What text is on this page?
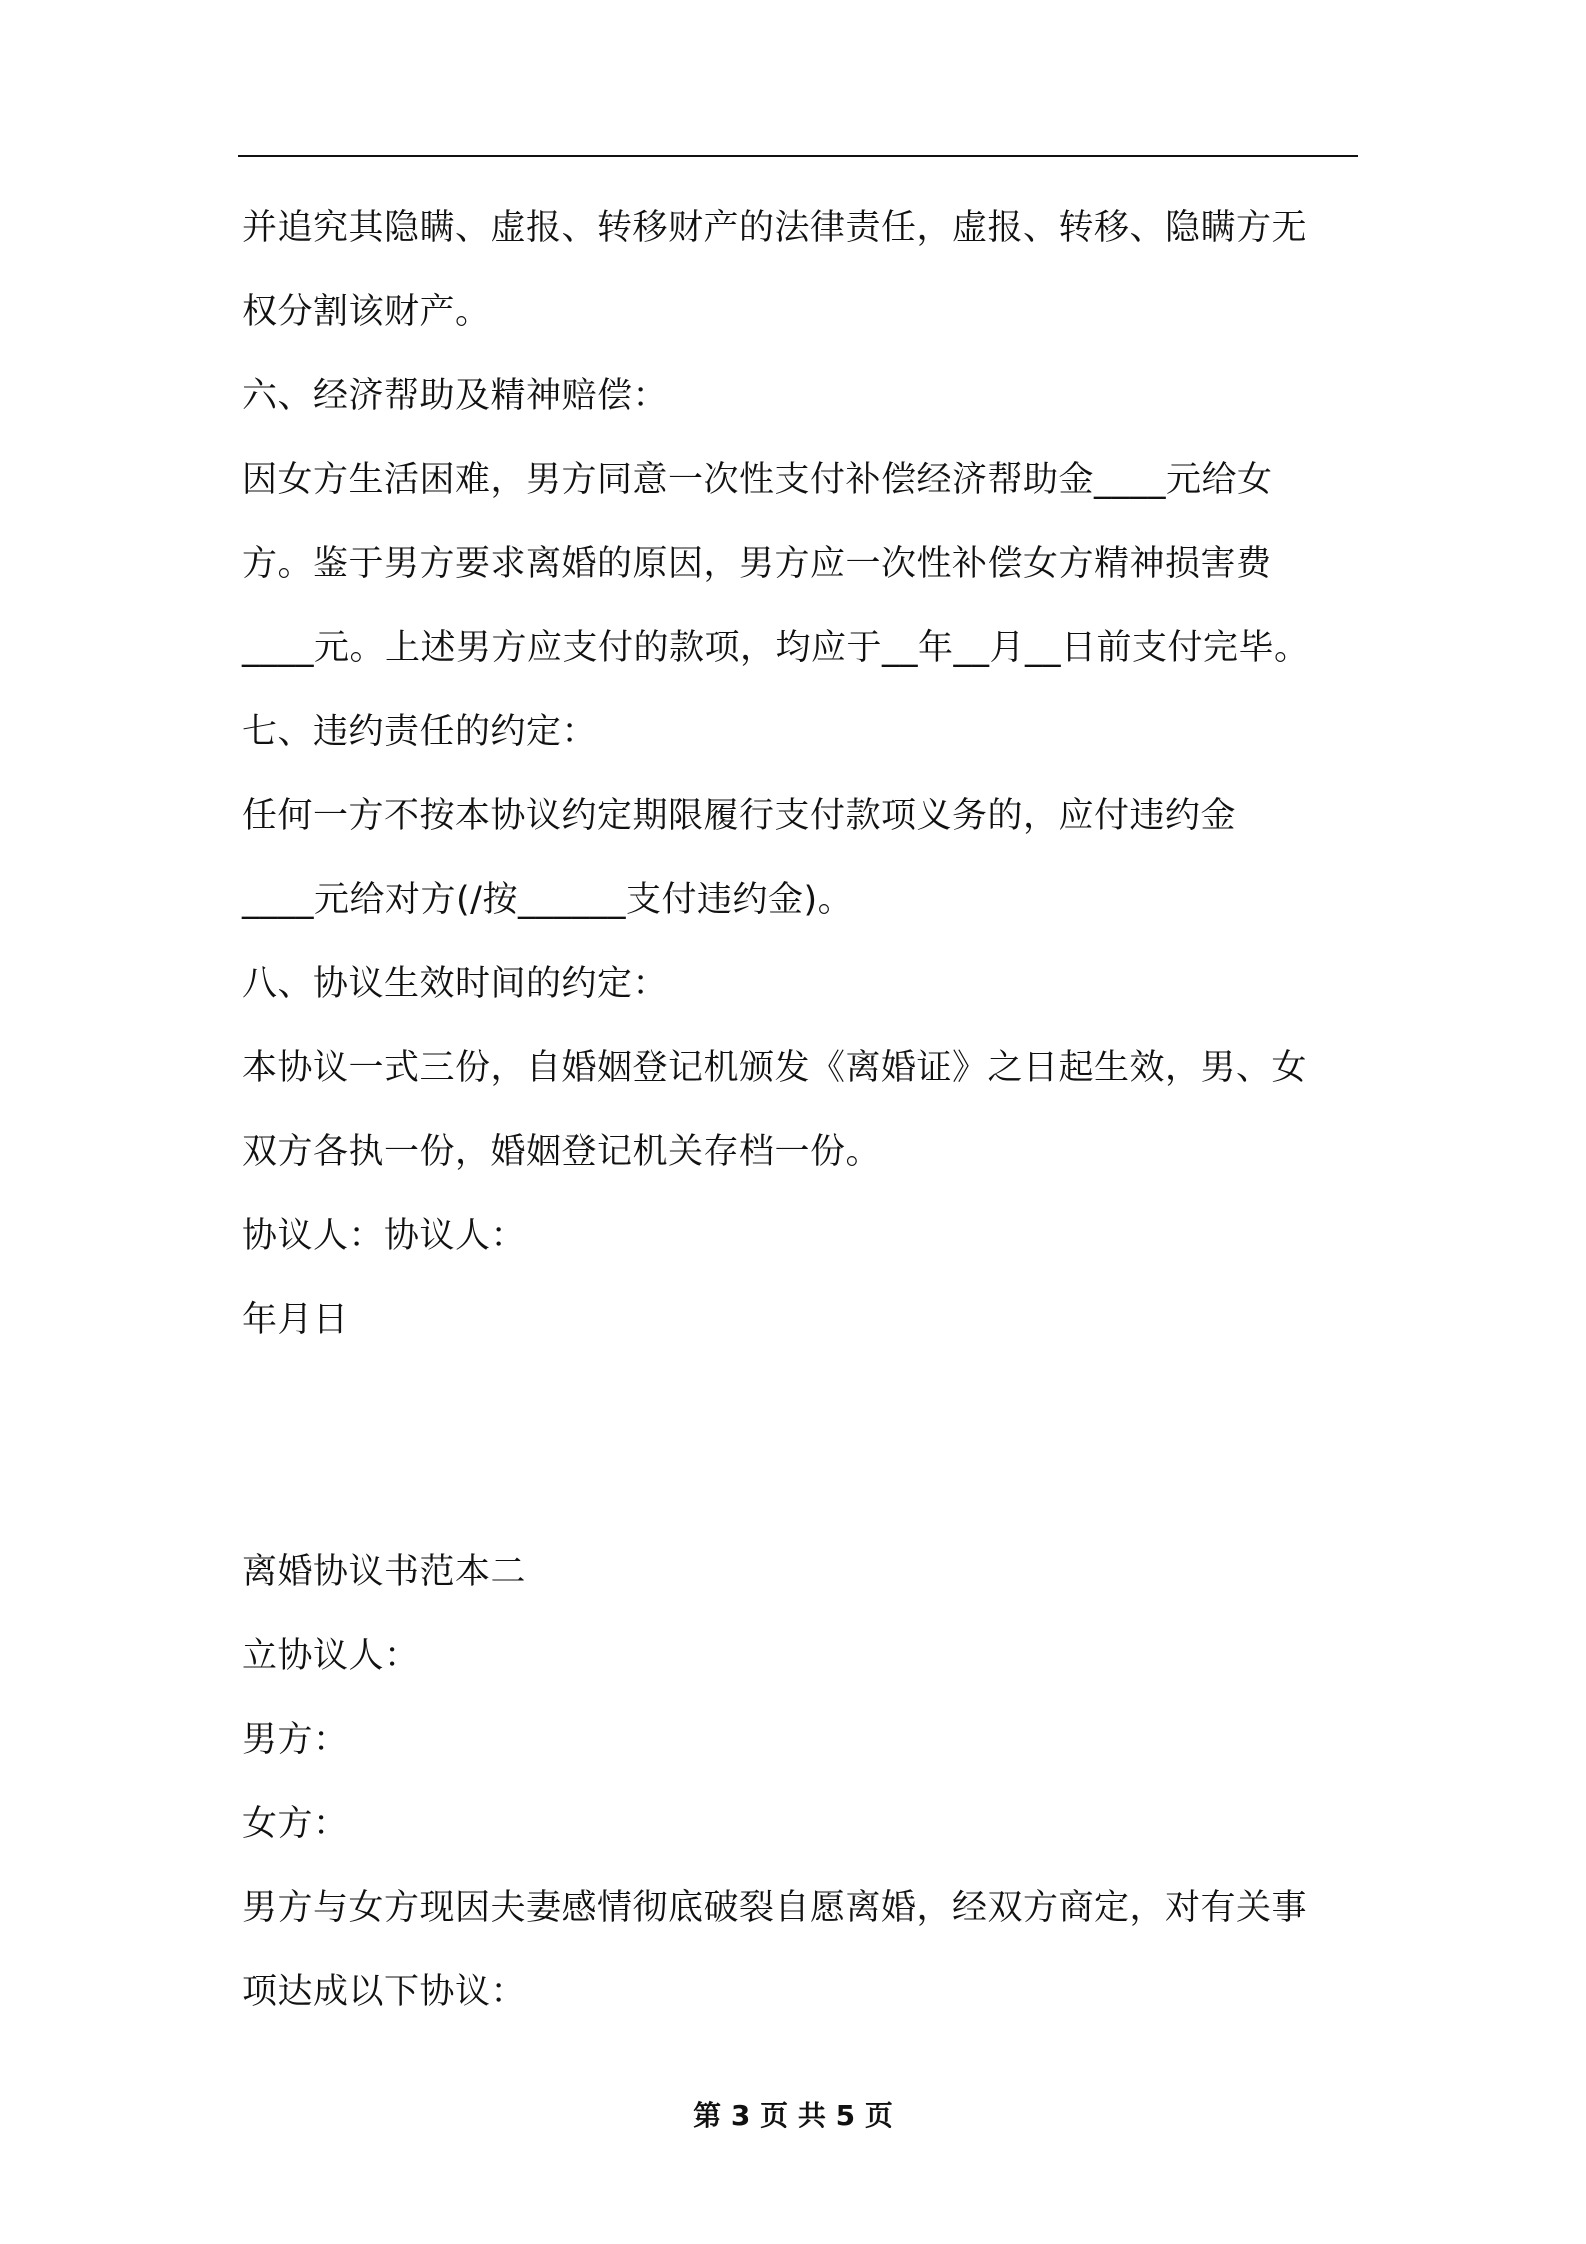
并追究其隐瞒、虚报、转移财产的法律责任，虚报、转移、隐瞒方无
权分割该财产。
六、经济帮助及精神赔偿：
因女方生活困难，男方同意一次性支付补偿经济帮助金____元给女
方。鉴于男方要求离婚的原因，男方应一次性补偿女方精神损害费
____元。上述男方应支付的款项，均应于__年__月__日前支付完毕。
七、违约责任的约定：
任何一方不按本协议约定期限履行支付款项义务的，应付违约金
____元给对方(/按______支付违约金)。
八、协议生效时间的约定：
本协议一式三份，自婚姻登记机颁发《离婚证》之日起生效，男、女
双方各执一份，婚姻登记机关存档一份。
协议人：协议人：
年月日
离婚协议书范本二
立协议人：
男方：
女方：
男方与女方现因夫妻感情彻底破裂自愿离婚，经双方商定，对有关事
项达成以下协议：
第 3 页 共 5 页
